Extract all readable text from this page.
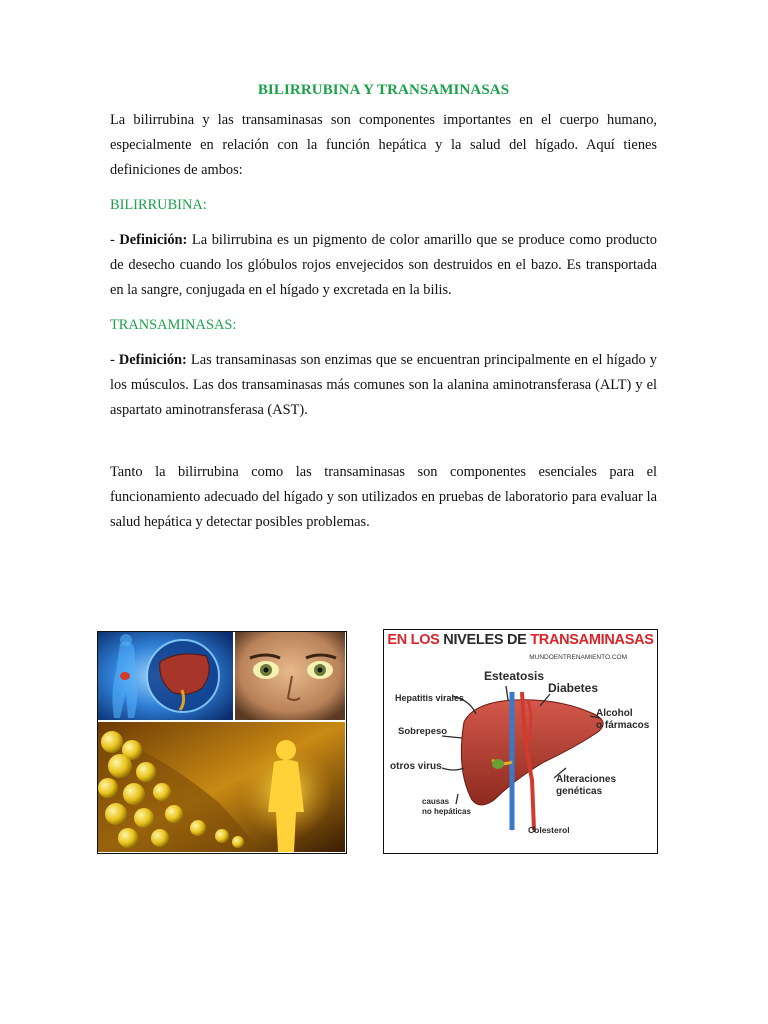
BILIRRUBINA Y TRANSAMINASAS

La bilirrubina y las transaminasas son componentes importantes en el cuerpo humano, especialmente en relación con la función hepática y la salud del hígado. Aquí tienes definiciones de ambos:

BILIRRUBINA:

- Definición: La bilirrubina es un pigmento de color amarillo que se produce como producto de desecho cuando los glóbulos rojos envejecidos son destruidos en el bazo. Es transportada en la sangre, conjugada en el hígado y excretada en la bilis.

TRANSAMINASAS:

- Definición: Las transaminasas son enzimas que se encuentran principalmente en el hígado y los músculos. Las dos transaminasas más comunes son la alanina aminotransferasa (ALT) y el aspartato aminotransferasa (AST).

Tanto la bilirrubina como las transaminasas son componentes esenciales para el funcionamiento adecuado del hígado y son utilizados en pruebas de laboratorio para evaluar la salud hepática y detectar posibles problemas.

EN LOS NIVELES DE TRANSAMINASAS
MUNDOENTRENAMIENTO.COM
Esteatosis
Diabetes
Hepatitis virales
Alcohol
o fármacos
Sobrepeso
otros virus
Alteraciones
genéticas
causas
no hepáticas
Colesterol
